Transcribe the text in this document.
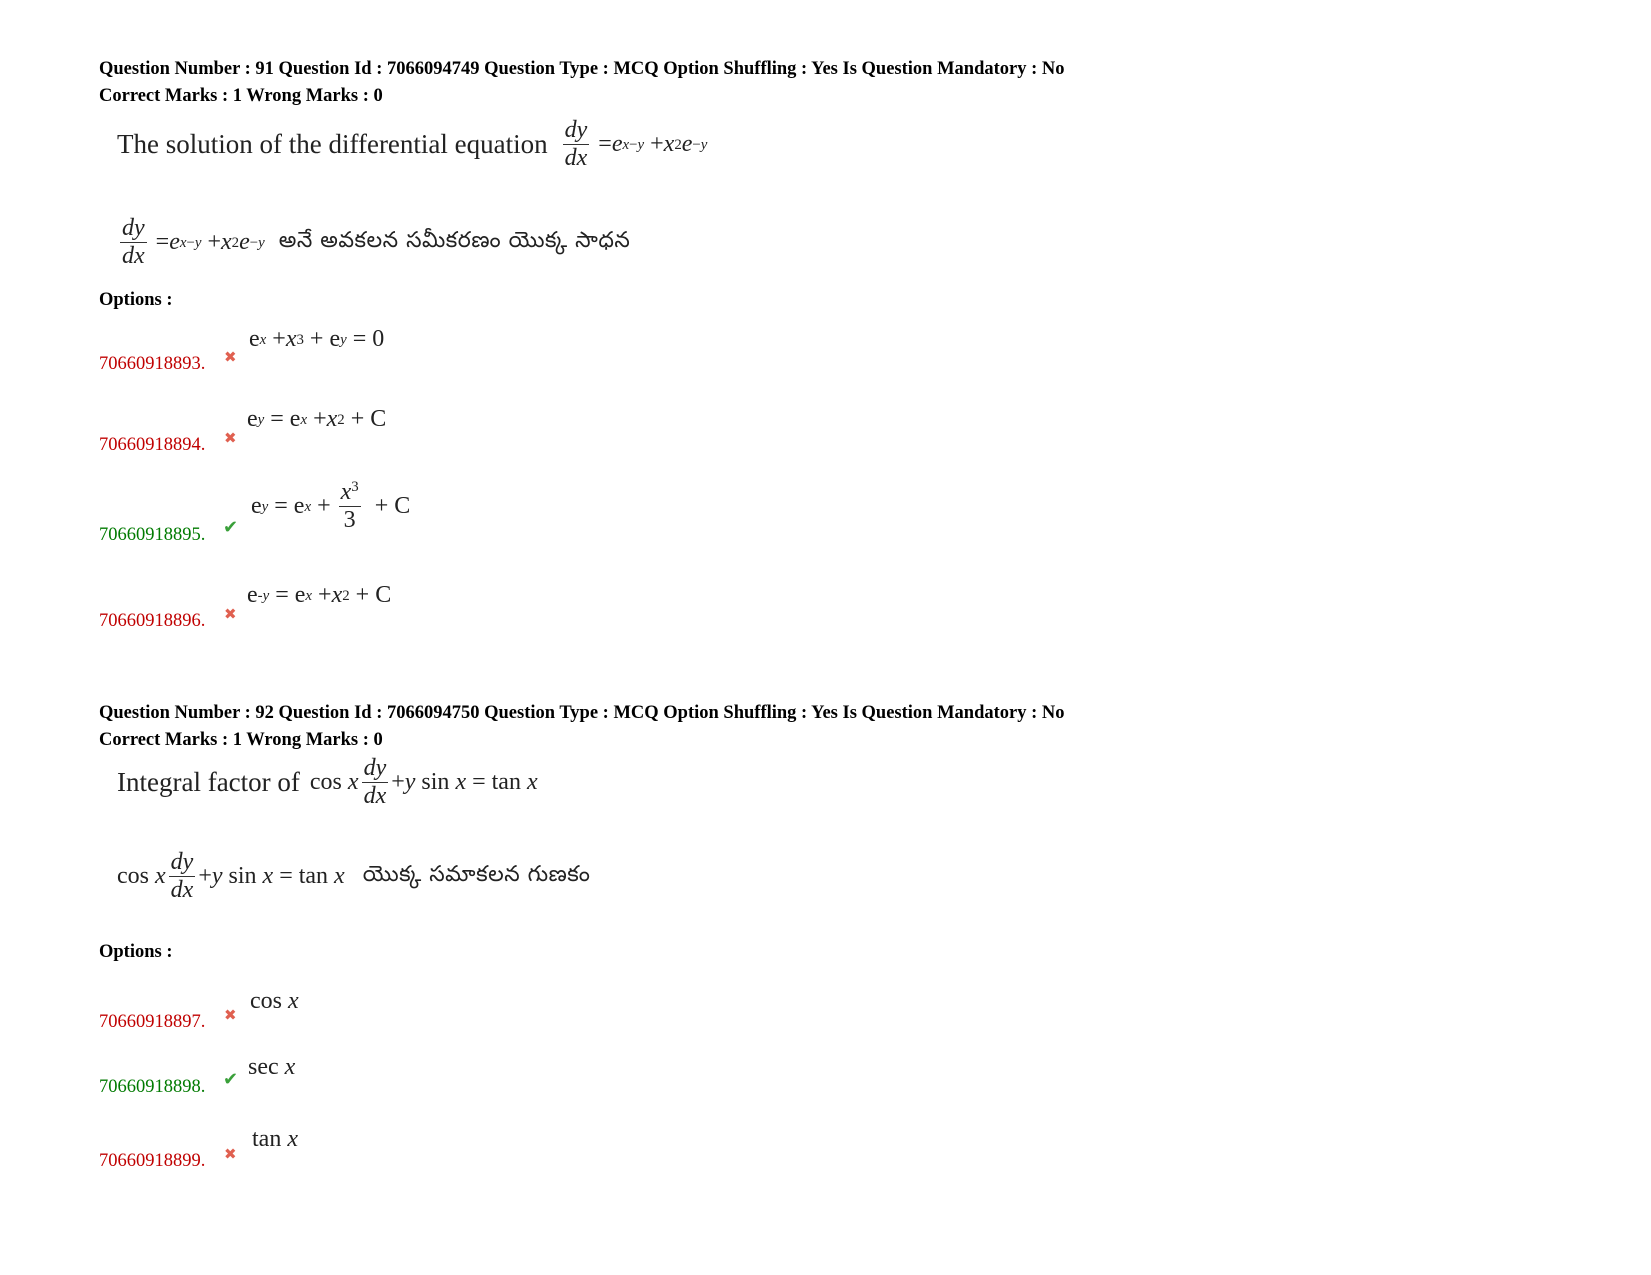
Question Number : 91 Question Id : 7066094749 Question Type : MCQ Option Shuffling : Yes Is Question Mandatory : No
Correct Marks : 1 Wrong Marks : 0
The solution of the differential equation $\frac{dy}{dx} = e$ x−y + x 2 e −y
$\frac{dy}{dx} = e$ x−y + x 2 e −y అనే అవకలన సమీకరణం యొక్క సాధన
Options :
70660918893. ✖
e x + x 3 + e y = 0
70660918894. ✖
e y = e x + x 2 + C
70660918895. ✔
e y = e $x + \frac{x^3}{3} + C$
70660918896. ✖
e -y = e x + x 2 + C
Question Number : 92 Question Id : 7066094750 Question Type : MCQ Option Shuffling : Yes Is Question Mandatory : No
Correct Marks : 1 Wrong Marks : 0
Integral factor of cos x $\frac{dy}{dx} + y$ sin x = tan x
cos x $\frac{dy}{dx} + y$ sin x = tan x యొక్క సమాకలన గుణకం
Options :
70660918897. ✖
cos x
70660918898. ✔ sec x
70660918899. ✖
tan x
